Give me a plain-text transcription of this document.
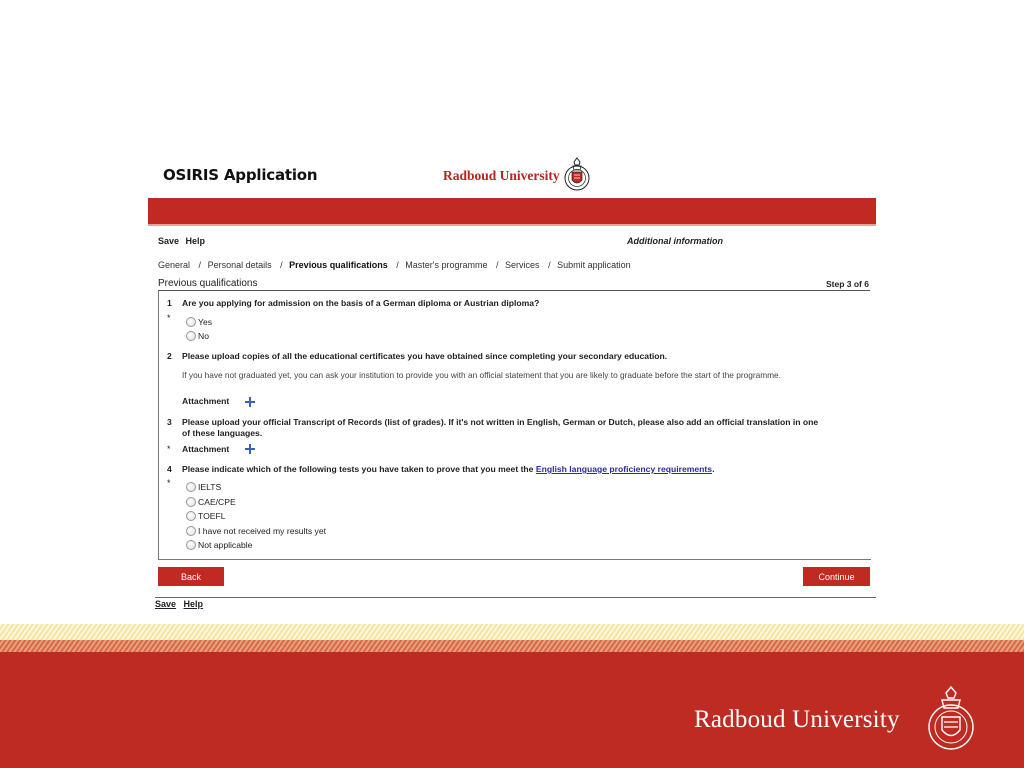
OSIRIS Application	Radboud University
Save Help	Additional information
General / Personal details / Previous qualifications / Master's programme / Services / Submit application
Previous qualifications	Step 3 of 6
1 Are you applying for admission on the basis of a German diploma or Austrian diploma?
*	Yes
No
2 Please upload copies of all the educational certificates you have obtained since completing your secondary education.
If you have not graduated yet, you can ask your institution to provide you with an official statement that you are likely to graduate before the start of the programme.
Attachment
3 Please upload your official Transcript of Records (list of grades). If it's not written in English, German or Dutch, please also add an official translation in one of these languages.
* Attachment
4 Please indicate which of the following tests you have taken to prove that you meet the English language proficiency requirements.
*	IELTS
CAE/CPE
TOEFL
I have not received my results yet
Not applicable
Back	Continue
Save Help
Radboud University
